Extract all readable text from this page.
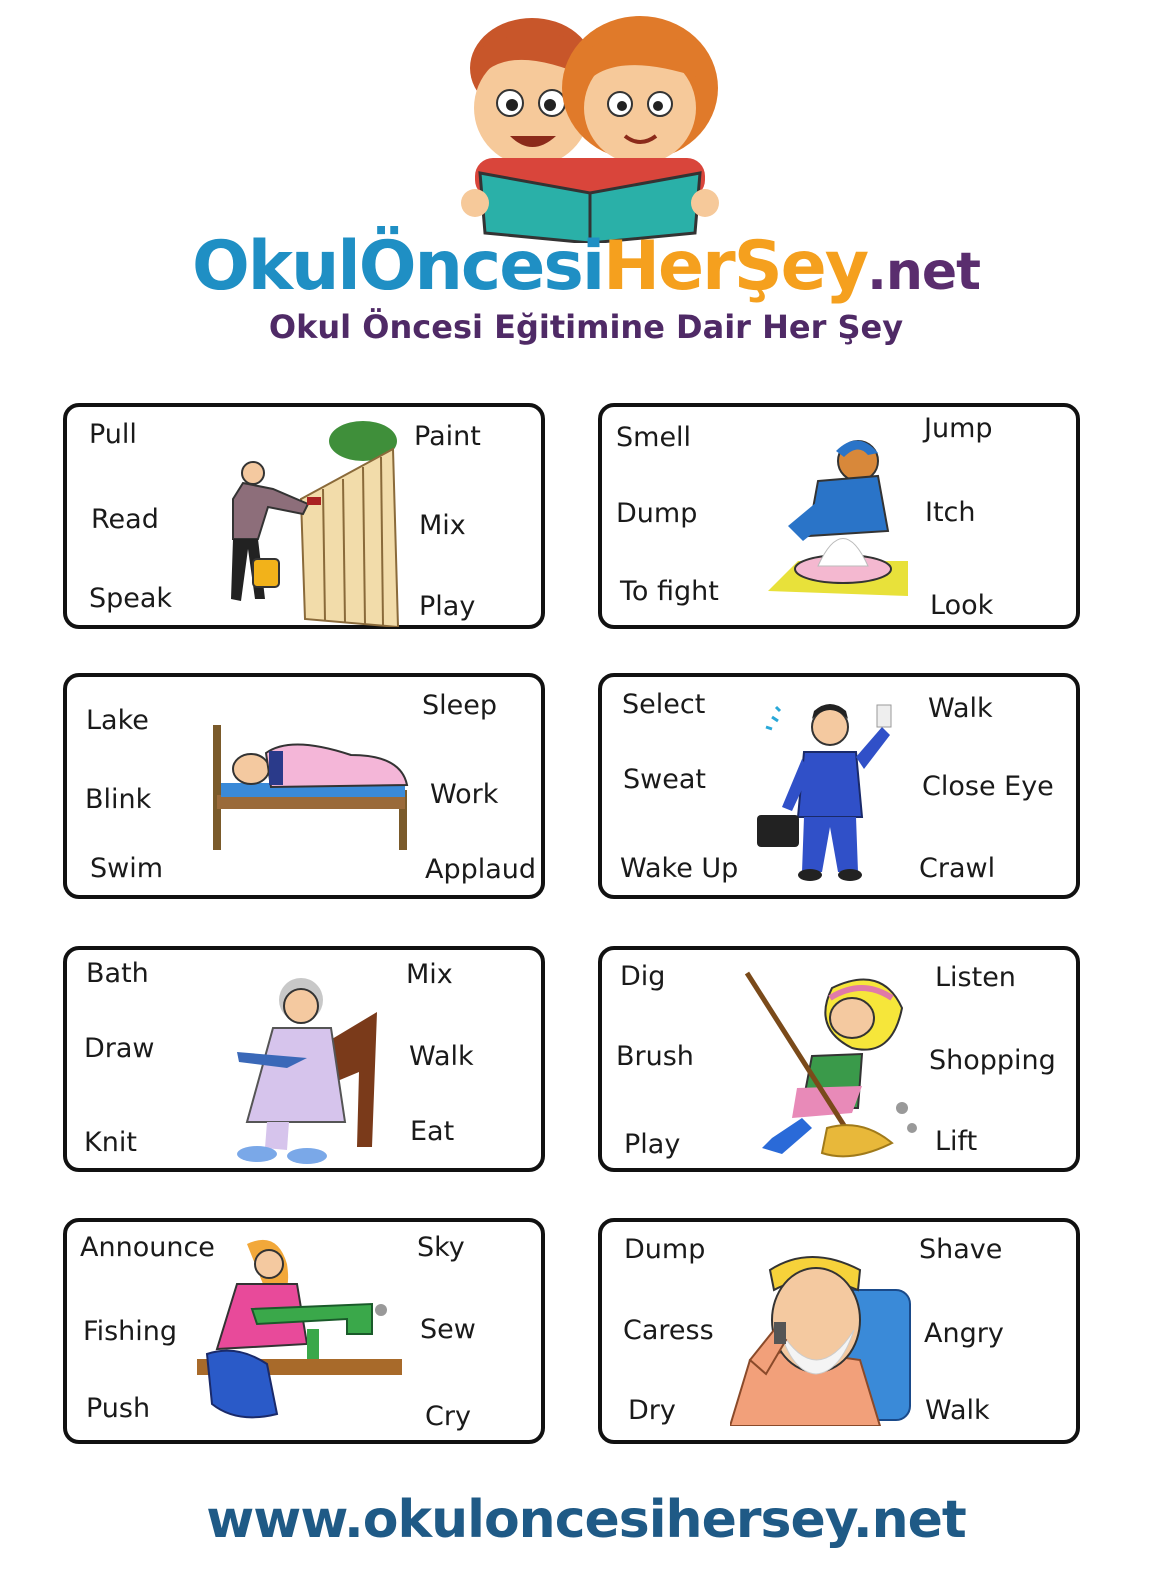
OkulÖncesiHerŞey.net
Okul Öncesi Eğitimine Dair Her Şey
Pull
Read
Speak
Paint
Mix
Play
Smell
Dump
To fight
Jump
Itch
Look
Lake
Blink
Swim
Sleep
Work
Applaud
Select
Sweat
Wake Up
Walk
Close Eye
Crawl
Bath
Draw
Knit
Mix
Walk
Eat
Dig
Brush
Play
Listen
Shopping
Lift
Announce
Fishing
Push
Sky
Sew
Cry
Dump
Caress
Dry
Shave
Angry
Walk
www.okuloncesihersey.net
